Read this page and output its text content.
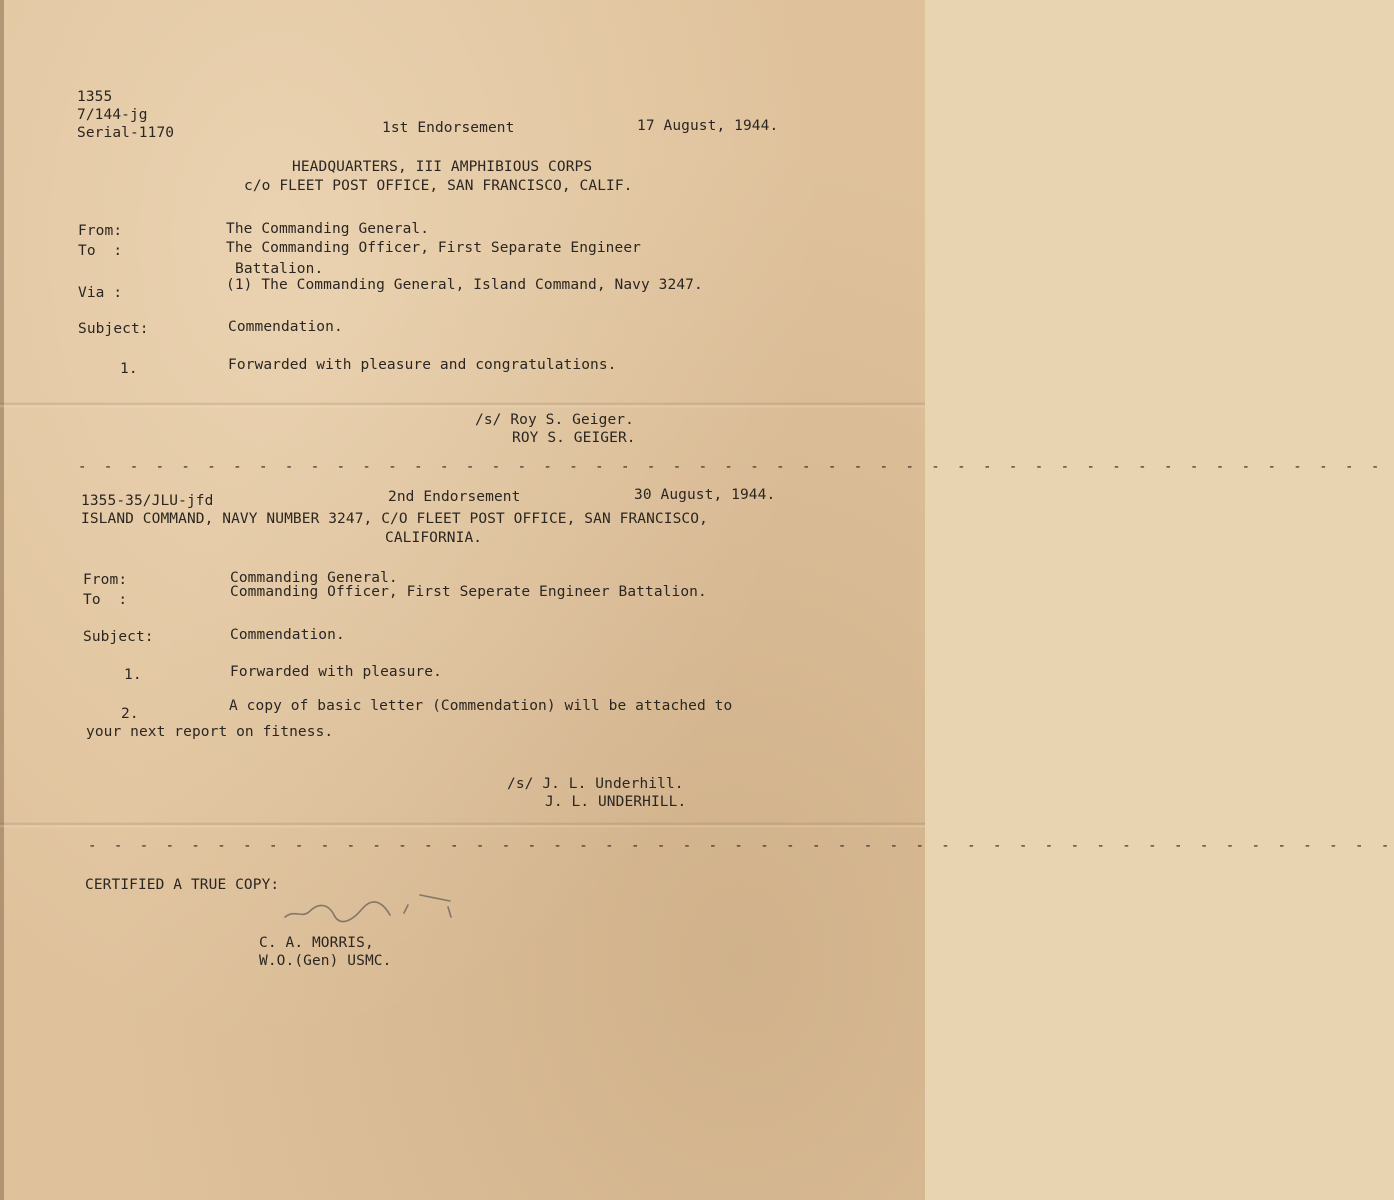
1355
7/144-jg
Serial-1170	1st Endorsement	17 August, 1944.
HEADQUARTERS, III AMPHIBIOUS CORPS
c/o FLEET POST OFFICE, SAN FRANCISCO, CALIF.
From:	The Commanding General.
To  :	The Commanding Officer, First Separate Engineer
Battalion.
Via :	(1) The Commanding General, Island Command, Navy 3247.
Subject:	Commendation.
1.	Forwarded with pleasure and congratulations.
/s/ Roy S. Geiger.
ROY S. GEIGER.
- - - - - - - - - - - - - - - - - - - - - - - - - - - - - - - - - - - - - - - - - - - - - - - - - - -
1355-35/JLU-jfd	2nd Endorsement	30 August, 1944.
ISLAND COMMAND, NAVY NUMBER 3247, C/O FLEET POST OFFICE, SAN FRANCISCO,
CALIFORNIA.
From:	Commanding General.
To  :	Commanding Officer, First Seperate Engineer Battalion.
Subject:	Commendation.
1.	Forwarded with pleasure.
2.	A copy of basic letter (Commendation) will be attached to
your next report on fitness.
/s/ J. L. Underhill.
J. L. UNDERHILL.
- - - - - - - - - - - - - - - - - - - - - - - - - - - - - - - - - - - - - - - - - - - - - - - - - - -
CERTIFIED A TRUE COPY:
C. A. MORRIS,
W.O.(Gen) USMC.
